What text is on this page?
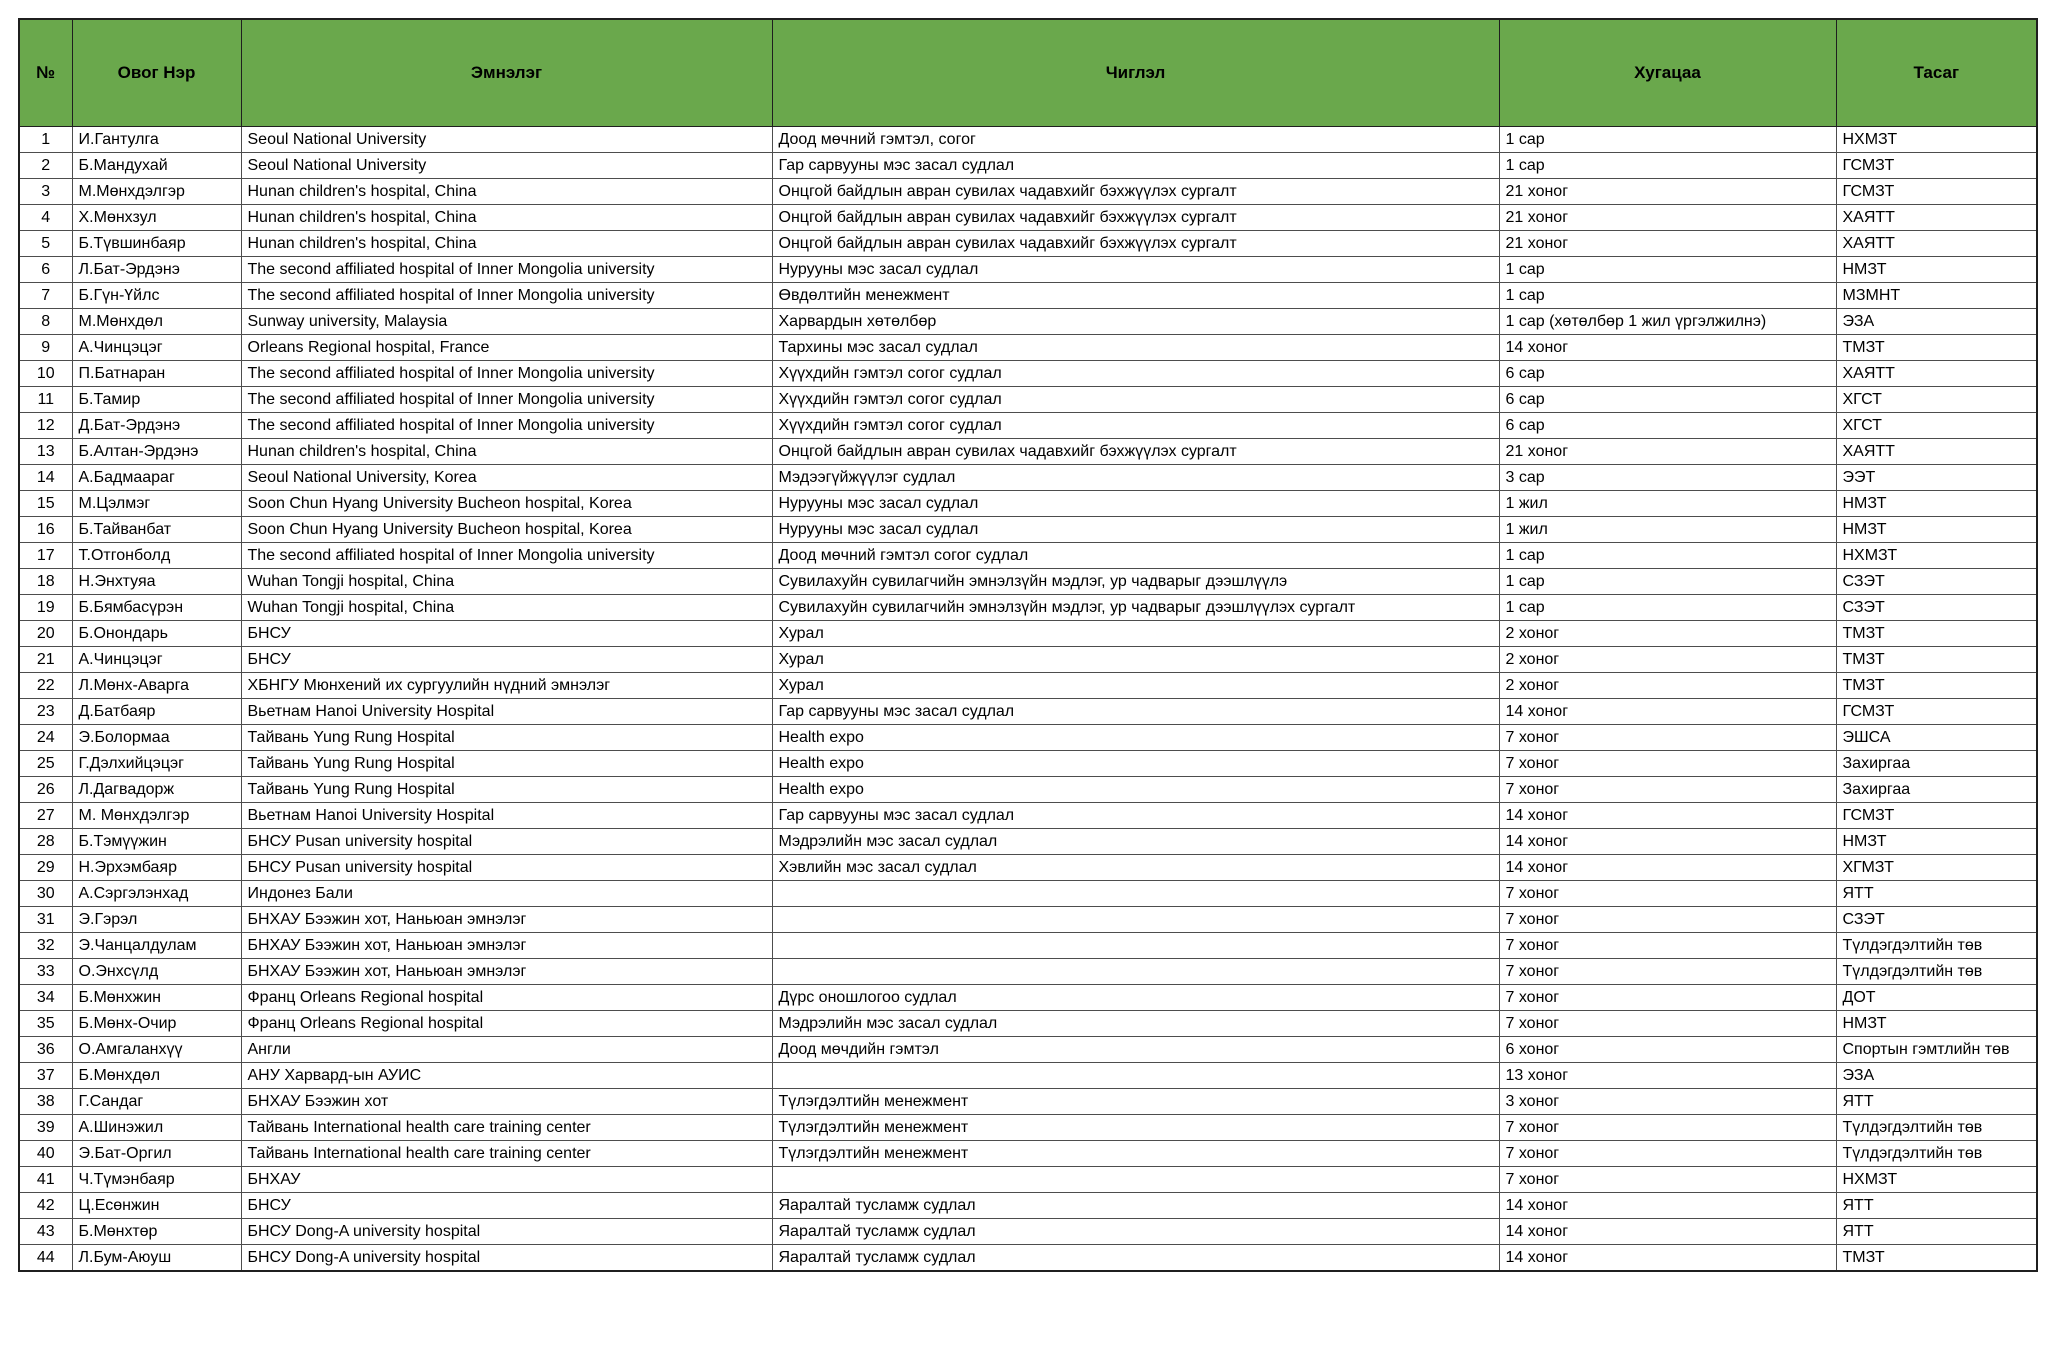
№	Овог Нэр	Эмнэлэг	Чиглэл	Хугацаа	Тасаг
1	И.Гантулга	Seoul National University	Доод мөчний гэмтэл, согог	1 сар	НХМЗТ
2	Б.Мандухай	Seoul National University	Гар сарвууны мэс засал судлал	1 сар	ГСМЗТ
3	М.Мөнхдэлгэр	Hunan children's hospital, China	Онцгой байдлын авран сувилах чадавхийг бэхжүүлэх сургалт	21 хоног	ГСМЗТ
4	Х.Мөнхзул	Hunan children's hospital, China	Онцгой байдлын авран сувилах чадавхийг бэхжүүлэх сургалт	21 хоног	ХАЯТТ
5	Б.Түвшинбаяр	Hunan children's hospital, China	Онцгой байдлын авран сувилах чадавхийг бэхжүүлэх сургалт	21 хоног	ХАЯТТ
6	Л.Бат-Эрдэнэ	The second affiliated hospital of Inner Mongolia university	Нурууны мэс засал судлал	1 сар	НМЗТ
7	Б.Гүн-Үйлс	The second affiliated hospital of Inner Mongolia university	Өвдөлтийн менежмент	1 сар	МЗМНТ
8	М.Мөнхдөл	Sunway university, Malaysia	Харвардын хөтөлбөр	1 сар (хөтөлбөр 1 жил үргэлжилнэ)	ЭЗА
9	А.Чинцэцэг	Orleans Regional hospital, France	Тархины мэс засал судлал	14 хоног	ТМЗТ
10	П.Батнаран	The second affiliated hospital of Inner Mongolia university	Хүүхдийн гэмтэл согог судлал	6 сар	ХАЯТТ
11	Б.Тамир	The second affiliated hospital of Inner Mongolia university	Хүүхдийн гэмтэл согог судлал	6 сар	ХГСТ
12	Д.Бат-Эрдэнэ	The second affiliated hospital of Inner Mongolia university	Хүүхдийн гэмтэл согог судлал	6 сар	ХГСТ
13	Б.Алтан-Эрдэнэ	Hunan children's hospital, China	Онцгой байдлын авран сувилах чадавхийг бэхжүүлэх сургалт	21 хоног	ХАЯТТ
14	А.Бадмаараг	Seoul National University, Korea	Мэдээгүйжүүлэг судлал	3 сар	ЭЭТ
15	М.Цэлмэг	Soon Chun Hyang University Bucheon hospital, Korea	Нурууны мэс засал судлал	1 жил	НМЗТ
16	Б.Тайванбат	Soon Chun Hyang University Bucheon hospital, Korea	Нурууны мэс засал судлал	1 жил	НМЗТ
17	Т.Отгонболд	The second affiliated hospital of Inner Mongolia university	Доод мөчний гэмтэл согог судлал	1 сар	НХМЗТ
18	Н.Энхтуяа	Wuhan Tongji hospital, China	Сувилахуйн сувилагчийн эмнэлзүйн мэдлэг, ур чадварыг дээшлүүлэ	1 сар	СЗЭТ
19	Б.Бямбасүрэн	Wuhan Tongji hospital, China	Сувилахуйн сувилагчийн эмнэлзүйн мэдлэг, ур чадварыг дээшлүүлэх сургалт	1 сар	СЗЭТ
20	Б.Онондарь	БНСУ	Хурал	2 хоног	ТМЗТ
21	А.Чинцэцэг	БНСУ	Хурал	2 хоног	ТМЗТ
22	Л.Мөнх-Аварга	ХБНГУ Мюнхений их сургуулийн нүдний эмнэлэг	Хурал	2 хоног	ТМЗТ
23	Д.Батбаяр	Вьетнам Hanoi University Hospital	Гар сарвууны мэс засал судлал	14 хоног	ГСМЗТ
24	Э.Болормаа	Тайвань Yung Rung Hospital	Health expo	7 хоног	ЭШСА
25	Г.Дэлхийцэцэг	Тайвань Yung Rung Hospital	Health expo	7 хоног	Захиргаа
26	Л.Дагвадорж	Тайвань Yung Rung Hospital	Health expo	7 хоног	Захиргаа
27	М. Мөнхдэлгэр	Вьетнам Hanoi University Hospital	Гар сарвууны мэс засал судлал	14 хоног	ГСМЗТ
28	Б.Тэмүүжин	БНСУ Pusan university hospital	Мэдрэлийн мэс засал судлал	14 хоног	НМЗТ
29	Н.Эрхэмбаяр	БНСУ Pusan university hospital	Хэвлийн мэс засал судлал	14 хоног	ХГМЗТ
30	А.Сэргэлэнхад	Индонез Бали		7 хоног	ЯТТ
31	Э.Гэрэл	БНХАУ Бээжин хот, Наньюан эмнэлэг		7 хоног	СЗЭТ
32	Э.Чанцалдулам	БНХАУ Бээжин хот, Наньюан эмнэлэг		7 хоног	Түлдэгдэлтийн төв
33	О.Энхсүлд	БНХАУ Бээжин хот, Наньюан эмнэлэг		7 хоног	Түлдэгдэлтийн төв
34	Б.Мөнхжин	Франц Orleans Regional hospital	Дүрс оношлогоо судлал	7 хоног	ДОТ
35	Б.Мөнх-Очир	Франц Orleans Regional hospital	Мэдрэлийн мэс засал судлал	7 хоног	НМЗТ
36	О.Амгаланхүү	Англи	Доод мөчдийн гэмтэл	6 хоног	Спортын гэмтлийн төв
37	Б.Мөнхдөл	АНУ Харвард-ын АУИС		13 хоног	ЭЗА
38	Г.Сандаг	БНХАУ Бээжин хот	Түлэгдэлтийн менежмент	3 хоног	ЯТТ
39	А.Шинэжил	Тайвань International health care training center	Түлэгдэлтийн менежмент	7 хоног	Түлдэгдэлтийн төв
40	Э.Бат-Оргил	Тайвань International health care training center	Түлэгдэлтийн менежмент	7 хоног	Түлдэгдэлтийн төв
41	Ч.Түмэнбаяр	БНХАУ		7 хоног	НХМЗТ
42	Ц.Есөнжин	БНСУ	Яаралтай тусламж судлал	14 хоног	ЯТТ
43	Б.Мөнхтөр	БНСУ Dong-A university hospital	Яаралтай тусламж судлал	14 хоног	ЯТТ
44	Л.Бум-Аюуш	БНСУ Dong-A university hospital	Яаралтай тусламж судлал	14 хоног	ТМЗТ
